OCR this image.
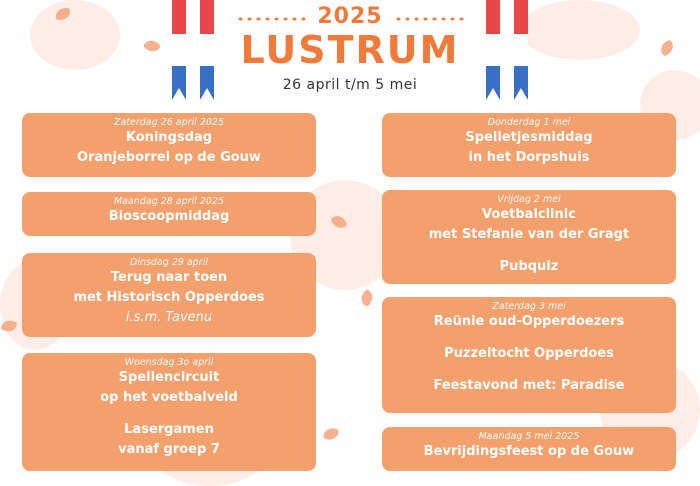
2025
LUSTRUM
26 april t/m 5 mei
Zaterdag 26 april 2025
Koningsdag
Oranjeborrel op de Gouw
Maandag 28 april 2025
Bioscoopmiddag
Dinsdag 29 april
Terug naar toen
met Historisch Opperdoes
i.s.m. Tavenu
Woensdag 3o april
Spellencircuit
op het voetbalveld
Lasergamen
vanaf groep 7
Donderdag 1 mei
Spelletjesmiddag
in het Dorpshuis
Vrijdag 2 mei
Voetbalclinic
met Stefanie van der Gragt
Pubquiz
Zaterdag 3 mei
Reünie oud-Opperdoezers
Puzzeltocht Opperdoes
Feestavond met: Paradise
Maandag 5 mei 2025
Bevrijdingsfeest op de Gouw
